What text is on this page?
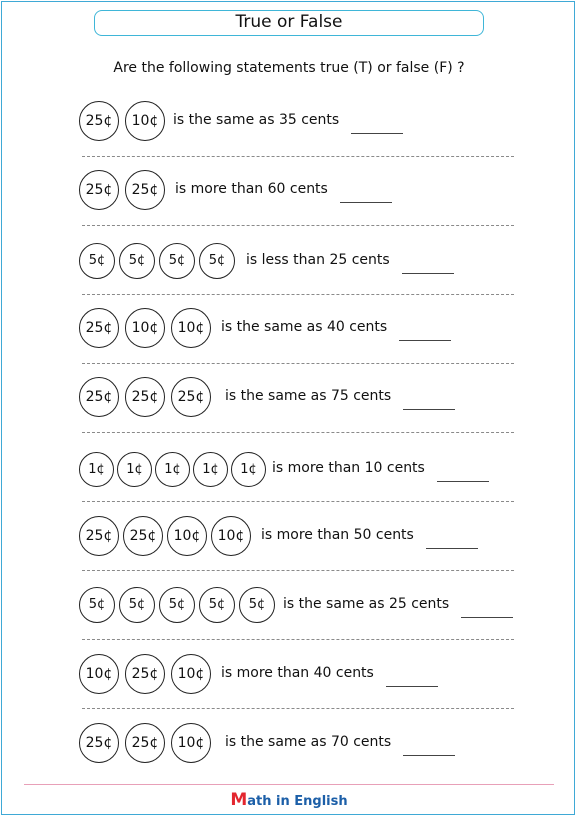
True or False
Are the following statements true (T) or false (F) ?
25¢	10¢	is the same as 35 cents
25¢	25¢	is more than 60 cents
5¢	5¢	5¢	5¢	is less than 25 cents
25¢	10¢	10¢	is the same as 40 cents
25¢	25¢	25¢	is the same as 75 cents
1¢	1¢	1¢	1¢	1¢	is more than 10 cents
25¢	25¢	10¢	10¢	is more than 50 cents
5¢	5¢	5¢	5¢	5¢	is the same as 25 cents
10¢	25¢	10¢	is more than 40 cents
25¢	25¢	10¢	is the same as 70 cents
Math in English
